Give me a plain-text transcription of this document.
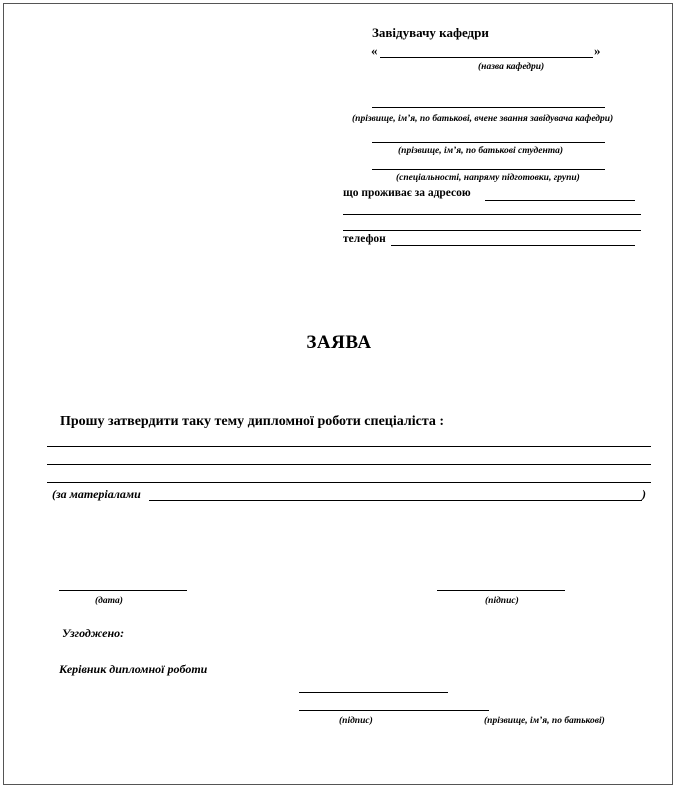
Завідувачу кафедри
«	»
(назва кафедри)
(прізвище, ім’я, по батькові, вчене звання завідувача кафедри)
(прізвище, ім’я, по батькові студента)
(спеціальності, напряму підготовки, групи)
що проживає за адресою
телефон
ЗАЯВА
Прошу затвердити таку тему дипломної роботи спеціаліста :
(за матеріалами	)
(дата)	(підпис)
Узгоджено:
Керівник дипломної роботи
(підпис)	(прізвище, ім’я, по батькові)
